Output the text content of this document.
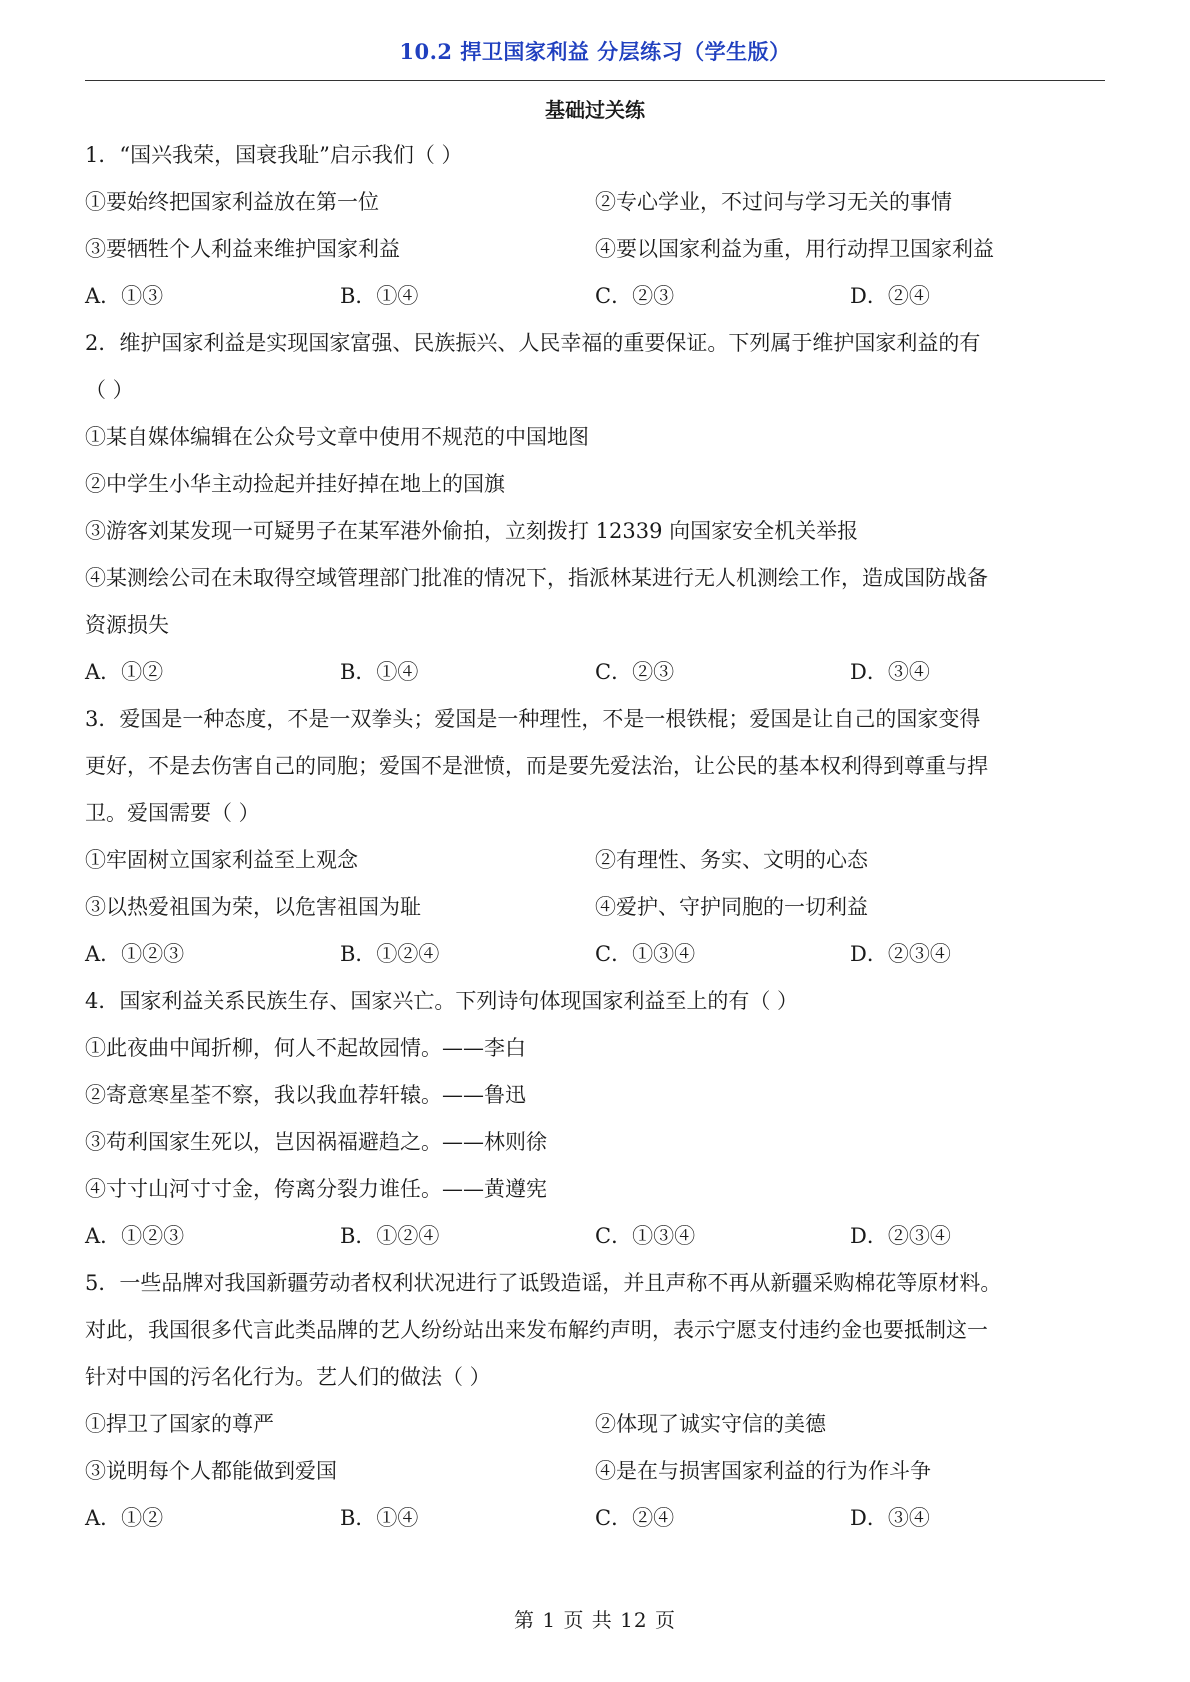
10.2 捍卫国家利益 分层练习（学生版）
基础过关练
1．“国兴我荣，国衰我耻”启示我们（ ）
①要始终把国家利益放在第一位	②专心学业，不过问与学习无关的事情
③要牺牲个人利益来维护国家利益	④要以国家利益为重，用行动捍卫国家利益
A．①③	B．①④	C．②③	D．②④
2．维护国家利益是实现国家富强、民族振兴、人民幸福的重要保证。下列属于维护国家利益的有
（ ）
①某自媒体编辑在公众号文章中使用不规范的中国地图
②中学生小华主动捡起并挂好掉在地上的国旗
③游客刘某发现一可疑男子在某军港外偷拍，立刻拨打 12339 向国家安全机关举报
④某测绘公司在未取得空域管理部门批准的情况下，指派林某进行无人机测绘工作，造成国防战备
资源损失
A．①②	B．①④	C．②③	D．③④
3．爱国是一种态度，不是一双拳头；爱国是一种理性，不是一根铁棍；爱国是让自己的国家变得
更好，不是去伤害自己的同胞；爱国不是泄愤，而是要先爱法治，让公民的基本权利得到尊重与捍
卫。爱国需要（ ）
①牢固树立国家利益至上观念	②有理性、务实、文明的心态
③以热爱祖国为荣，以危害祖国为耻	④爱护、守护同胞的一切利益
A．①②③	B．①②④	C．①③④	D．②③④
4．国家利益关系民族生存、国家兴亡。下列诗句体现国家利益至上的有（ ）
①此夜曲中闻折柳，何人不起故园情。——李白
②寄意寒星荃不察，我以我血荐轩辕。——鲁迅
③苟利国家生死以，岂因祸福避趋之。——林则徐
④寸寸山河寸寸金，侉离分裂力谁任。——黄遵宪
A．①②③	B．①②④	C．①③④	D．②③④
5．一些品牌对我国新疆劳动者权利状况进行了诋毁造谣，并且声称不再从新疆采购棉花等原材料。
对此，我国很多代言此类品牌的艺人纷纷站出来发布解约声明，表示宁愿支付违约金也要抵制这一
针对中国的污名化行为。艺人们的做法（ ）
①捍卫了国家的尊严	②体现了诚实守信的美德
③说明每个人都能做到爱国	④是在与损害国家利益的行为作斗争
A．①②	B．①④	C．②④	D．③④
第 1 页 共 12 页
